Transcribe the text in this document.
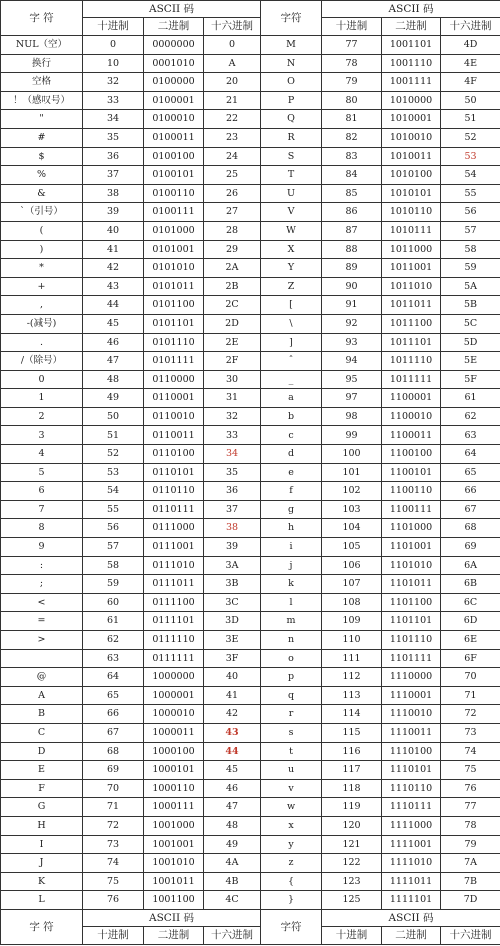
字 符	ASCII 码			字符	ASCII 码		
	十进制	二进制	十六进制		十进制	二进制	十六进制
NUL（空）	0	0000000	0	M	77	1001101	4D
换行	10	0001010	A	N	78	1001110	4E
空格	32	0100000	20	O	79	1001111	4F
！（感叹号）	33	0100001	21	P	80	1010000	50
"	34	0100010	22	Q	81	1010001	51
#	35	0100011	23	R	82	1010010	52
$	36	0100100	24	S	83	1010011	53
%	37	0100101	25	T	84	1010100	54
&	38	0100110	26	U	85	1010101	55
`（引号）	39	0100111	27	V	86	1010110	56
(	40	0101000	28	W	87	1010111	57
)	41	0101001	29	X	88	1011000	58
*	42	0101010	2A	Y	89	1011001	59
+	43	0101011	2B	Z	90	1011010	5A
,	44	0101100	2C	[	91	1011011	5B
-(减号)	45	0101101	2D	\	92	1011100	5C
.	46	0101110	2E	]	93	1011101	5D
/（除号）	47	0101111	2F	ˆ	94	1011110	5E
0	48	0110000	30	_	95	1011111	5F
1	49	0110001	31	a	97	1100001	61
2	50	0110010	32	b	98	1100010	62
3	51	0110011	33	c	99	1100011	63
4	52	0110100	34	d	100	1100100	64
5	53	0110101	35	e	101	1100101	65
6	54	0110110	36	f	102	1100110	66
7	55	0110111	37	g	103	1100111	67
8	56	0111000	38	h	104	1101000	68
9	57	0111001	39	i	105	1101001	69
:	58	0111010	3A	j	106	1101010	6A
;	59	0111011	3B	k	107	1101011	6B
<	60	0111100	3C	l	108	1101100	6C
=	61	0111101	3D	m	109	1101101	6D
>	62	0111110	3E	n	110	1101110	6E
	63	0111111	3F	o	111	1101111	6F
@	64	1000000	40	p	112	1110000	70
A	65	1000001	41	q	113	1110001	71
B	66	1000010	42	r	114	1110010	72
C	67	1000011	43	s	115	1110011	73
D	68	1000100	44	t	116	1110100	74
E	69	1000101	45	u	117	1110101	75
F	70	1000110	46	v	118	1110110	76
G	71	1000111	47	w	119	1110111	77
H	72	1001000	48	x	120	1111000	78
I	73	1001001	49	y	121	1111001	79
J	74	1001010	4A	z	122	1111010	7A
K	75	1001011	4B	{	123	1111011	7B
L	76	1001100	4C	}	125	1111101	7D
字 符	ASCII 码			字符	ASCII 码		
	十进制	二进制	十六进制		十进制	二进制	十六进制
